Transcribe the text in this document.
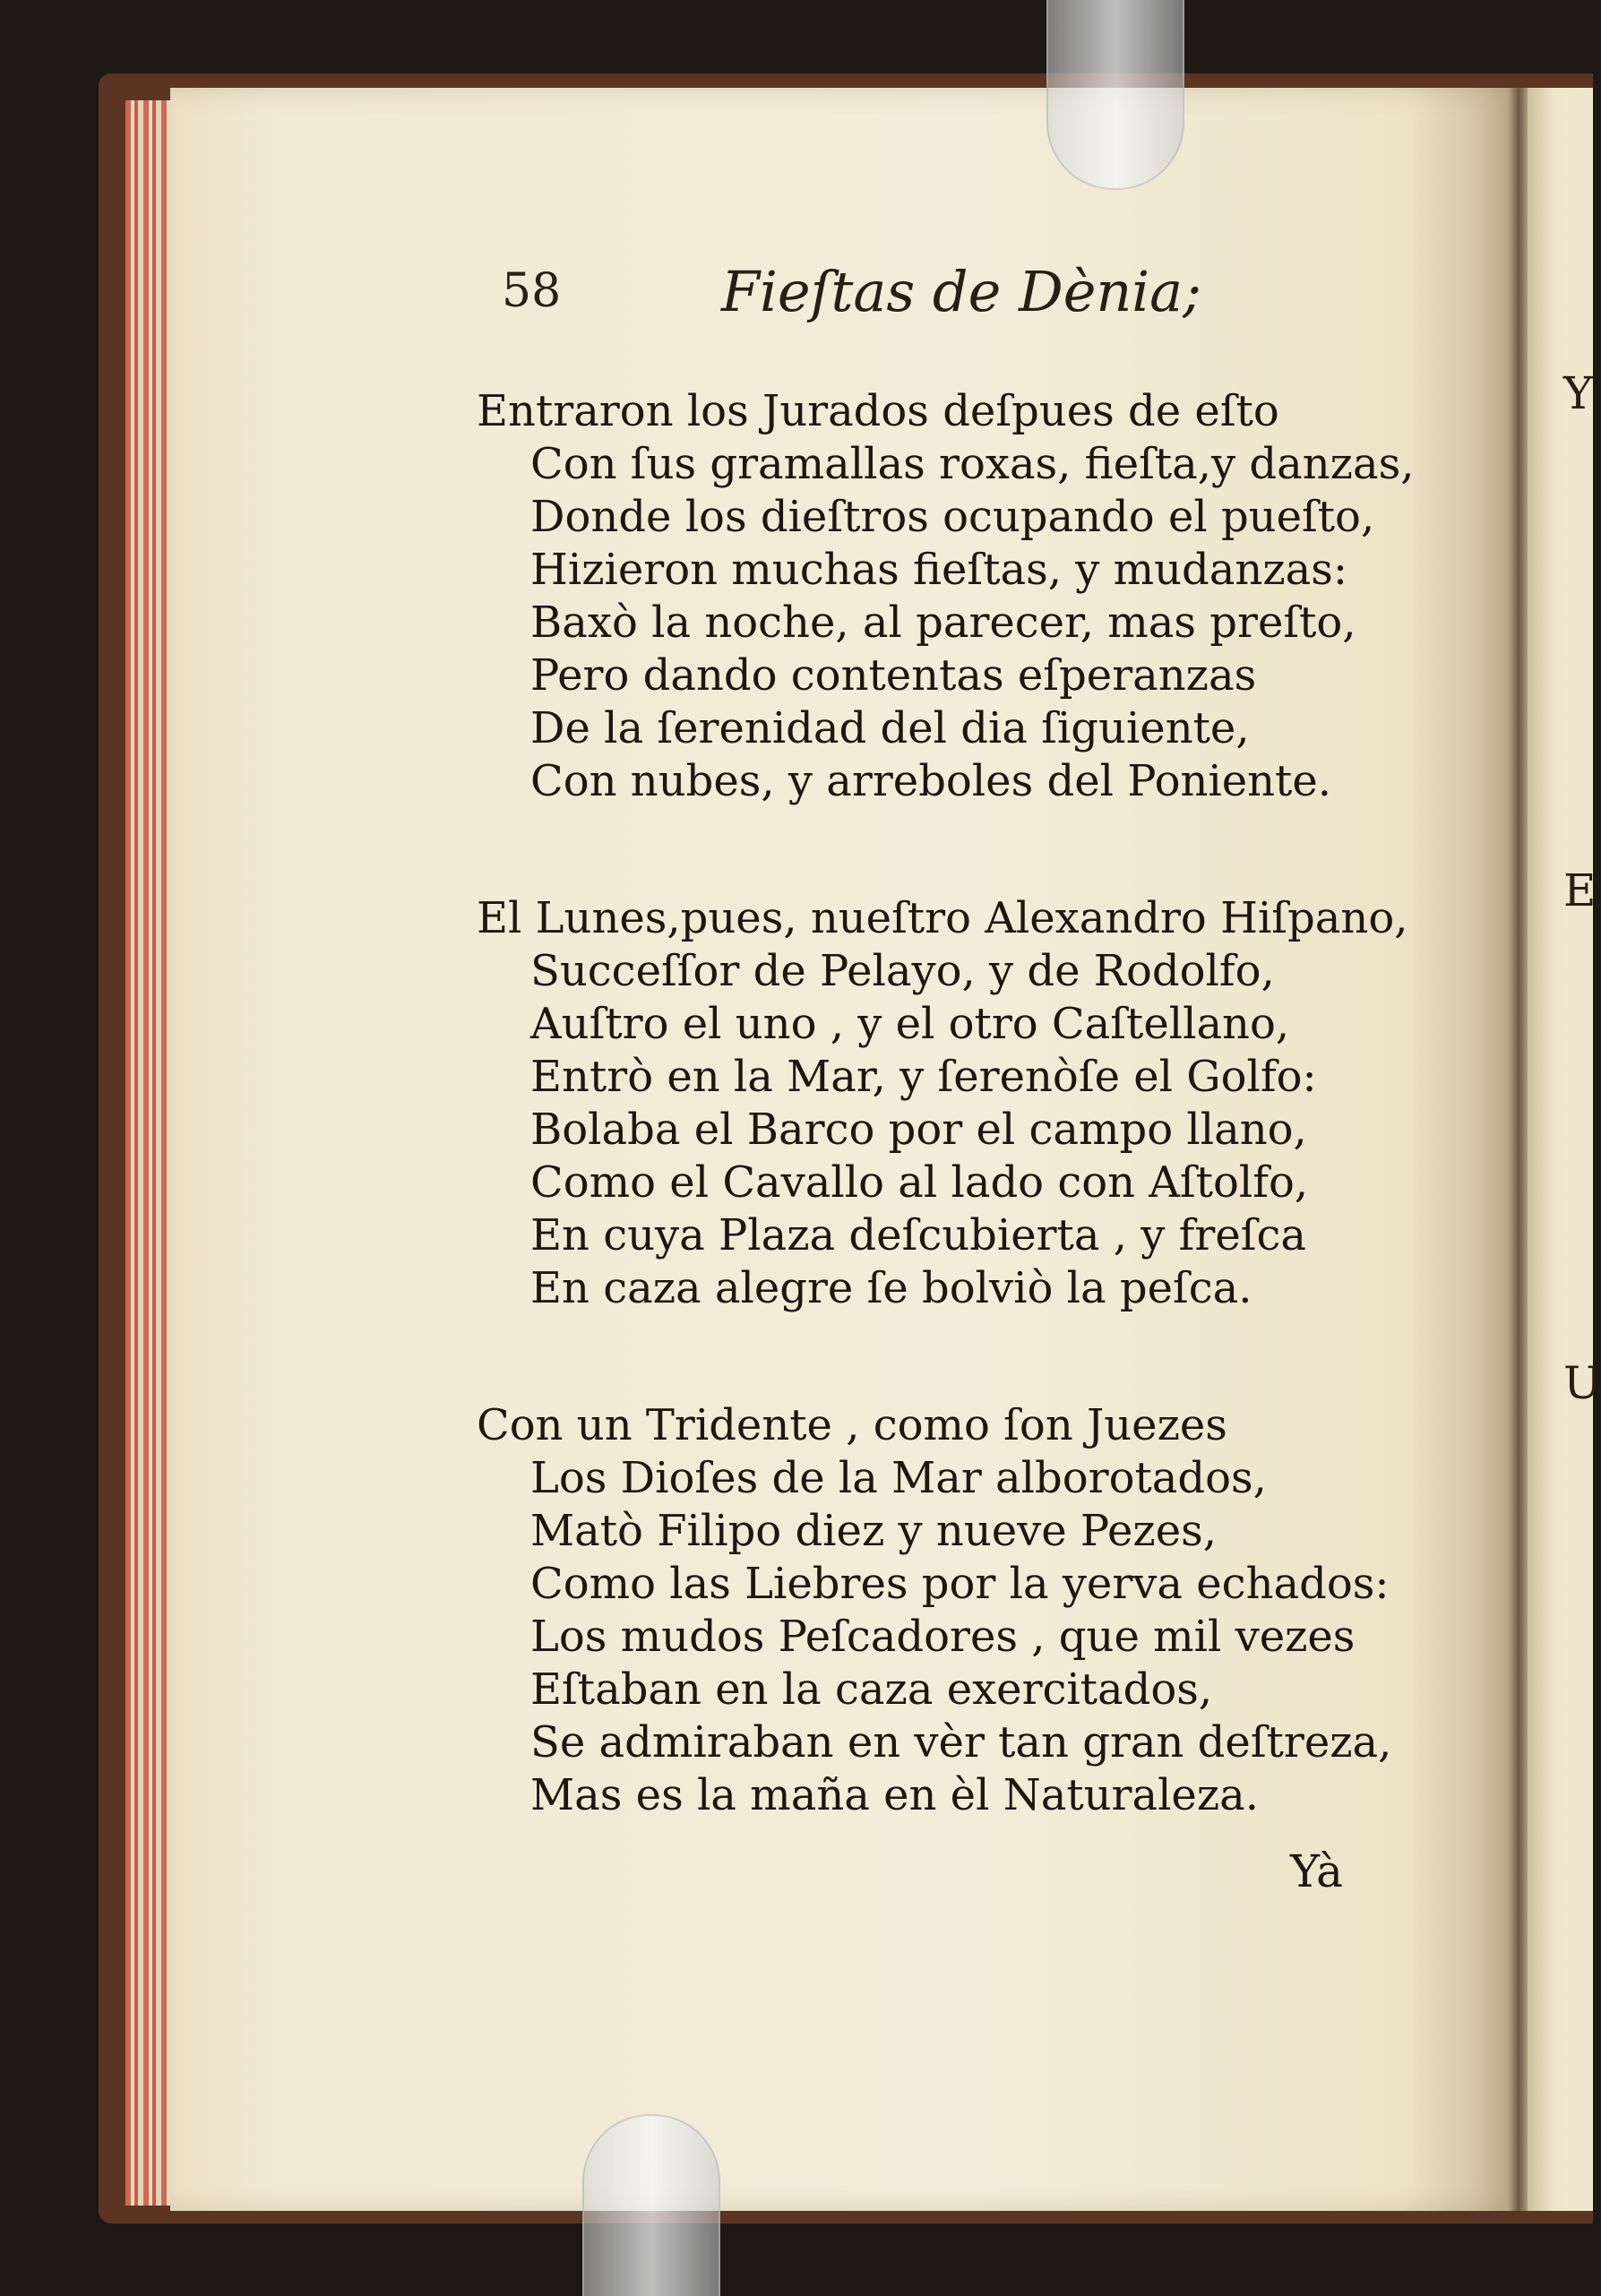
Y
E
U
58	Fieſtas de Dènia;
Entraron los Jurados deſpues de eſto
Con ſus gramallas roxas, fieſta,y danzas,
Donde los dieſtros ocupando el pueſto,
Hizieron muchas fieſtas, y mudanzas:
Baxò la noche, al parecer, mas preſto,
Pero dando contentas eſperanzas
De la ſerenidad del dia ſiguiente,
Con nubes, y arreboles del Poniente.
El Lunes,pues, nueſtro Alexandro Hiſpano,
Succeſſor de Pelayo, y de Rodolfo,
Auſtro el uno , y el otro Caſtellano,
Entrò en la Mar, y ſerenòſe el Golfo:
Bolaba el Barco por el campo llano,
Como el Cavallo al lado con Aſtolfo,
En cuya Plaza deſcubierta , y freſca
En caza alegre ſe bolviò la peſca.
Con un Tridente , como ſon Juezes
Los Dioſes de la Mar alborotados,
Matò Filipo diez y nueve Pezes,
Como las Liebres por la yerva echados:
Los mudos Peſcadores , que mil vezes
Eſtaban en la caza exercitados,
Se admiraban en vèr tan gran deſtreza,
Mas es la maña en èl Naturaleza.
Yà
